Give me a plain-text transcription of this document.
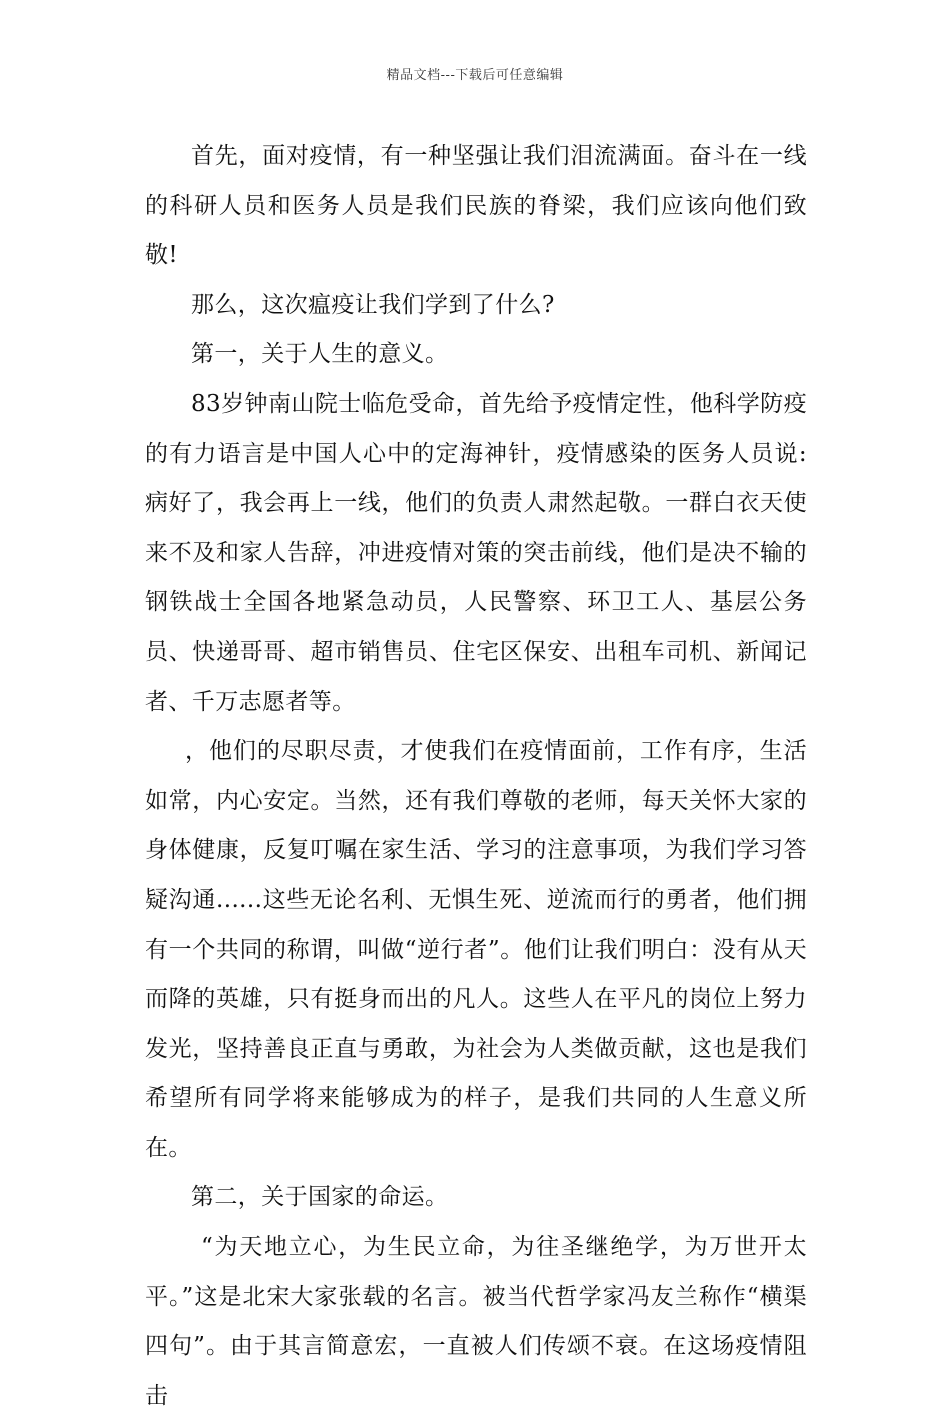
精品文档---下载后可任意编辑

首先，面对疫情，有一种坚强让我们泪流满面。奋斗在一线的科研人员和医务人员是我们民族的脊梁，我们应该向他们致敬!

那么，这次瘟疫让我们学到了什么?

第一，关于人生的意义。

83岁钟南山院士临危受命，首先给予疫情定性，他科学防疫的有力语言是中国人心中的定海神针，疫情感染的医务人员说:病好了，我会再上一线，他们的负责人肃然起敬。一群白衣天使来不及和家人告辞，冲进疫情对策的突击前线，他们是决不输的钢铁战士全国各地紧急动员，人民警察、环卫工人、基层公务员、快递哥哥、超市销售员、住宅区保安、出租车司机、新闻记者、千万志愿者等。

，他们的尽职尽责，才使我们在疫情面前，工作有序，生活如常，内心安定。当然，还有我们尊敬的老师，每天关怀大家的身体健康，反复叮嘱在家生活、学习的注意事项，为我们学习答疑沟通......这些无论名利、无惧生死、逆流而行的勇者，他们拥有一个共同的称谓，叫做“逆行者”。他们让我们明白：没有从天而降的英雄，只有挺身而出的凡人。这些人在平凡的岗位上努力发光，坚持善良正直与勇敢，为社会为人类做贡献，这也是我们希望所有同学将来能够成为的样子，是我们共同的人生意义所在。

第二，关于国家的命运。

“为天地立心，为生民立命，为往圣继绝学，为万世开太平。”这是北宋大家张载的名言。被当代哲学家冯友兰称作“横渠四句”。由于其言简意宏，一直被人们传颂不衰。在这场疫情阻击
